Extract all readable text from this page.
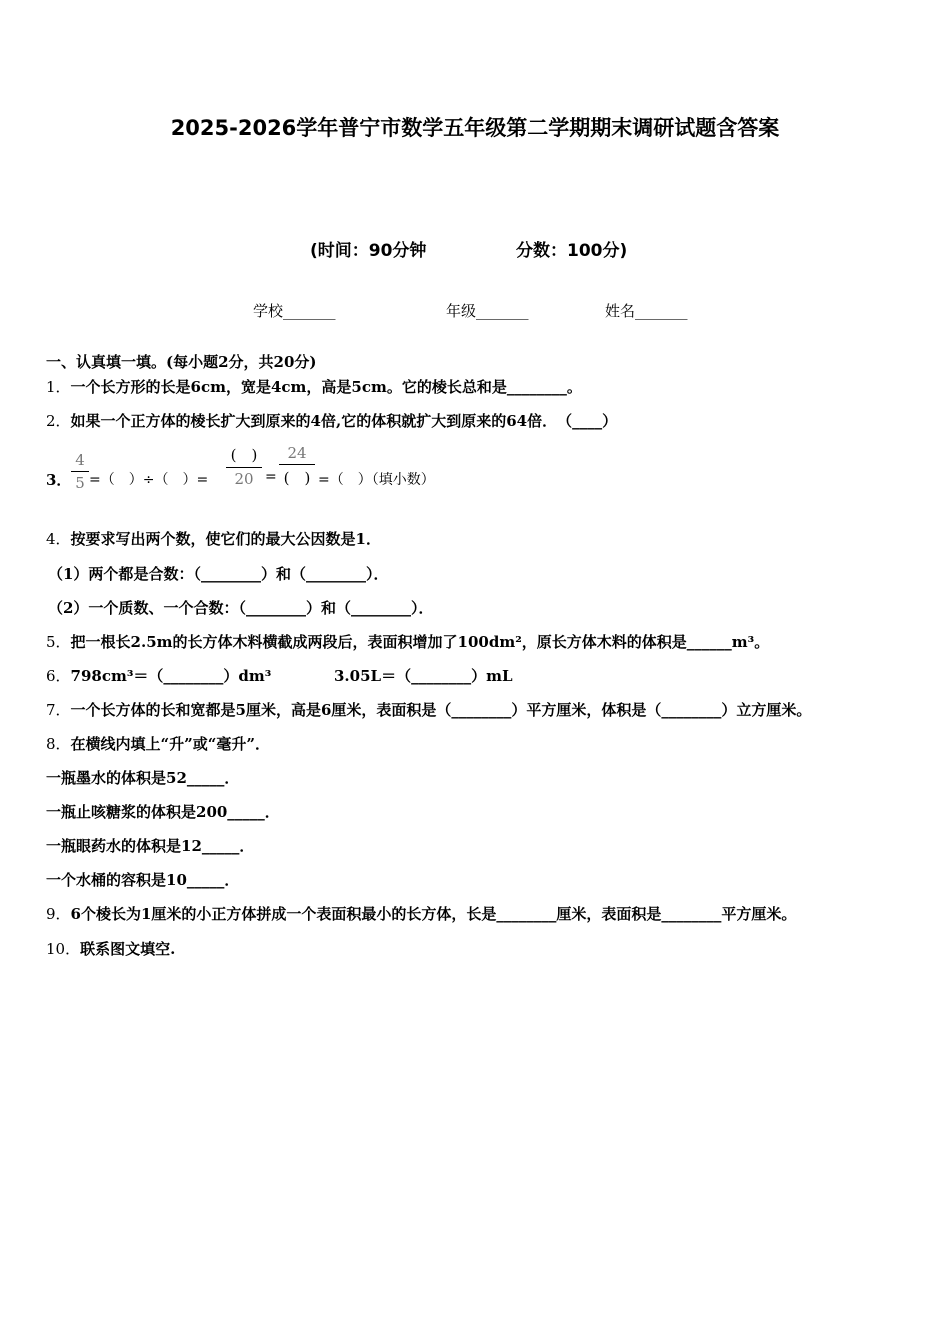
2025-2026学年普宁市数学五年级第二学期期末调研试题含答案
(时间：90分钟	分数：100分)
学校_______	年级_______	姓名_______
一、认真填一填。(每小题2分，共20分)
1．一个长方形的长是6cm，宽是4cm，高是5cm。它的棱长总和是________。
2．如果一个正方体的棱长扩大到原来的4倍,它的体积就扩大到原来的64倍．　（____）
3．
4
5 =（　）÷（　）=
(　)
20 =
24
(　) =（　）（填小数）
4．按要求写出两个数，使它们的最大公因数是1．
（1）两个都是合数：（________）和（________）．
（2）一个质数、一个合数：（________）和（________）．
5．把一根长2.5m的长方体木料横截成两段后，表面积增加了100dm²，原长方体木料的体积是______m³。
6．798cm³＝（________）dm³	3.05L＝（________）mL
7．一个长方体的长和宽都是5厘米，高是6厘米，表面积是（________）平方厘米，体积是（________）立方厘米。
8．在横线内填上“升”或“毫升”．
一瓶墨水的体积是52_____．
一瓶止咳糖浆的体积是200_____．
一瓶眼药水的体积是12_____．
一个水桶的容积是10_____．
9．6个棱长为1厘米的小正方体拼成一个表面积最小的长方体，长是________厘米，表面积是________平方厘米。
10．联系图文填空.
